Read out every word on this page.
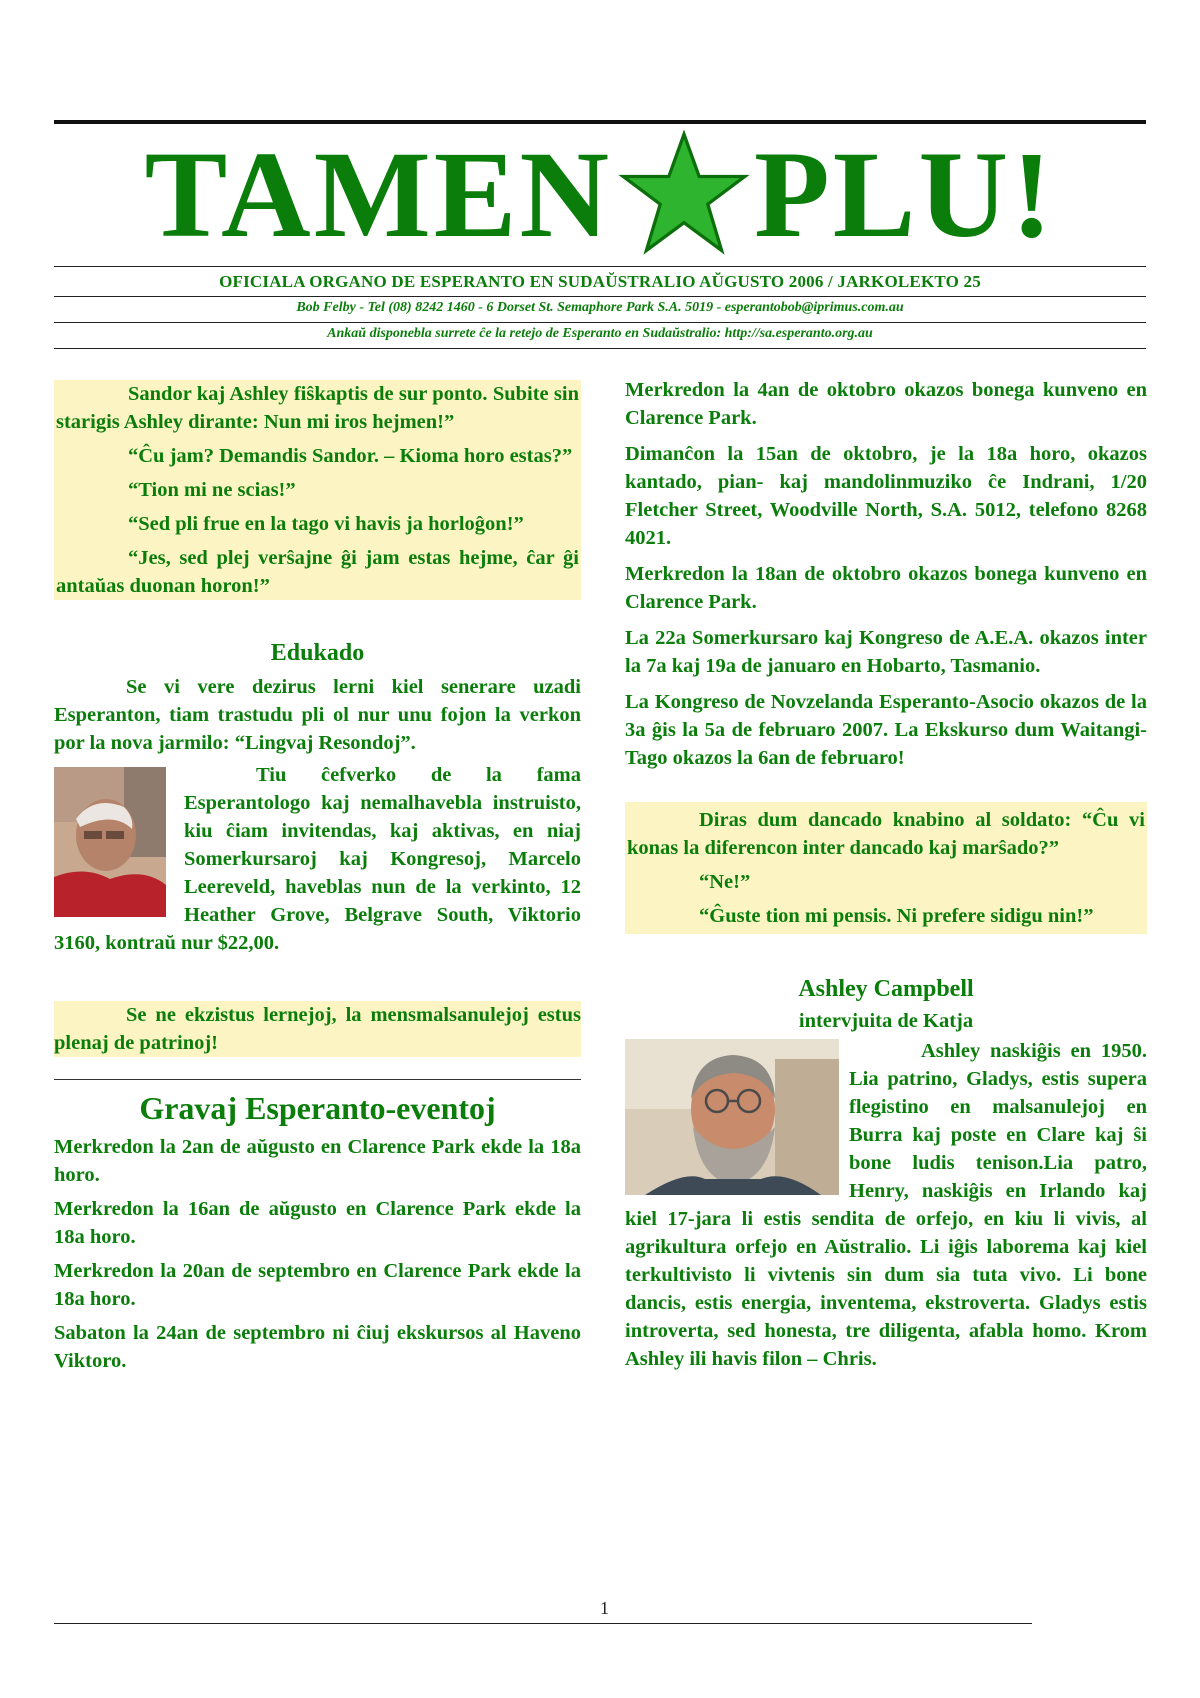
TAMEN PLU!
OFICIALA ORGANO DE ESPERANTO EN SUDAŬSTRALIO AŬGUSTO 2006 / JARKOLEKTO 25
Bob Felby - Tel (08) 8242 1460 - 6 Dorset St. Semaphore Park S.A. 5019 - esperantobob@iprimus.com.au
Ankaŭ disponebla surrete ĉe la retejo de Esperanto en Sudaŭstralio: http://sa.esperanto.org.au

Sandor kaj Ashley fiŝkaptis de sur ponto. Subite sin starigis Ashley dirante: Nun mi iros hejmen!”

“Ĉu jam? Demandis Sandor. – Kioma horo estas?”

“Tion mi ne scias!”

“Sed pli frue en la tago vi havis ja horloĝon!”

“Jes, sed plej verŝajne ĝi jam estas hejme, ĉar ĝi antaŭas duonan horon!”

Edukado

Se vi vere dezirus lerni kiel senerare uzadi Esperanton, tiam trastudu pli ol nur unu fojon la verkon por la nova jarmilo: “Lingvaj Resondoj”.

Tiu ĉefverko de la fama Esperantologo kaj nemalhavebla instruisto, kiu ĉiam invitendas, kaj aktivas, en niaj Somerkursaroj kaj Kongresoj, Marcelo Leereveld, haveblas nun de la verkinto, 12 Heather Grove, Belgrave South, Viktorio 3160, kontraŭ nur $22,00.

Se ne ekzistus lernejoj, la mensmalsanulejoj estus plenaj de patrinoj!

Gravaj Esperanto-eventoj

Merkredon la 2an de aŭgusto en Clarence Park ekde la 18a horo.

Merkredon la 16an de aŭgusto en Clarence Park ekde la 18a horo.

Merkredon la 20an de septembro en Clarence Park ekde la 18a horo.

Sabaton la 24an de septembro ni ĉiuj ekskursos al Haveno Viktoro.

Merkredon la 4an de oktobro okazos bonega kunveno en Clarence Park.

Dimanĉon la 15an de oktobro, je la 18a horo, okazos kantado, pian- kaj mandolinmuziko ĉe Indrani, 1/20 Fletcher Street, Woodville North, S.A. 5012, telefono 8268 4021.

Merkredon la 18an de oktobro okazos bonega kunveno en Clarence Park.

La 22a Somerkursaro kaj Kongreso de A.E.A. okazos inter la 7a kaj 19a de januaro en Hobarto, Tasmanio.

La Kongreso de Novzelanda Esperanto-Asocio okazos de la 3a ĝis la 5a de februaro 2007. La Ekskurso dum Waitangi-Tago okazos la 6an de februaro!

Diras dum dancado knabino al soldato: “Ĉu vi konas la diferencon inter dancado kaj marŝado?”

“Ne!”

“Ĝuste tion mi pensis. Ni prefere sidigu nin!”

Ashley Campbell

intervjuita de Katja

Ashley naskiĝis en 1950. Lia patrino, Gladys, estis supera flegistino en malsanulejoj en Burra kaj poste en Clare kaj ŝi bone ludis tenison.Lia patro, Henry, naskiĝis en Irlando kaj kiel 17-jara li estis sendita de orfejo, en kiu li vivis, al agrikultura orfejo en Aŭstralio. Li iĝis laborema kaj kiel terkultivisto li vivtenis sin dum sia tuta vivo. Li bone dancis, estis energia, inventema, ekstroverta. Gladys estis introverta, sed honesta, tre diligenta, afabla homo. Krom Ashley ili havis filon – Chris.

1
